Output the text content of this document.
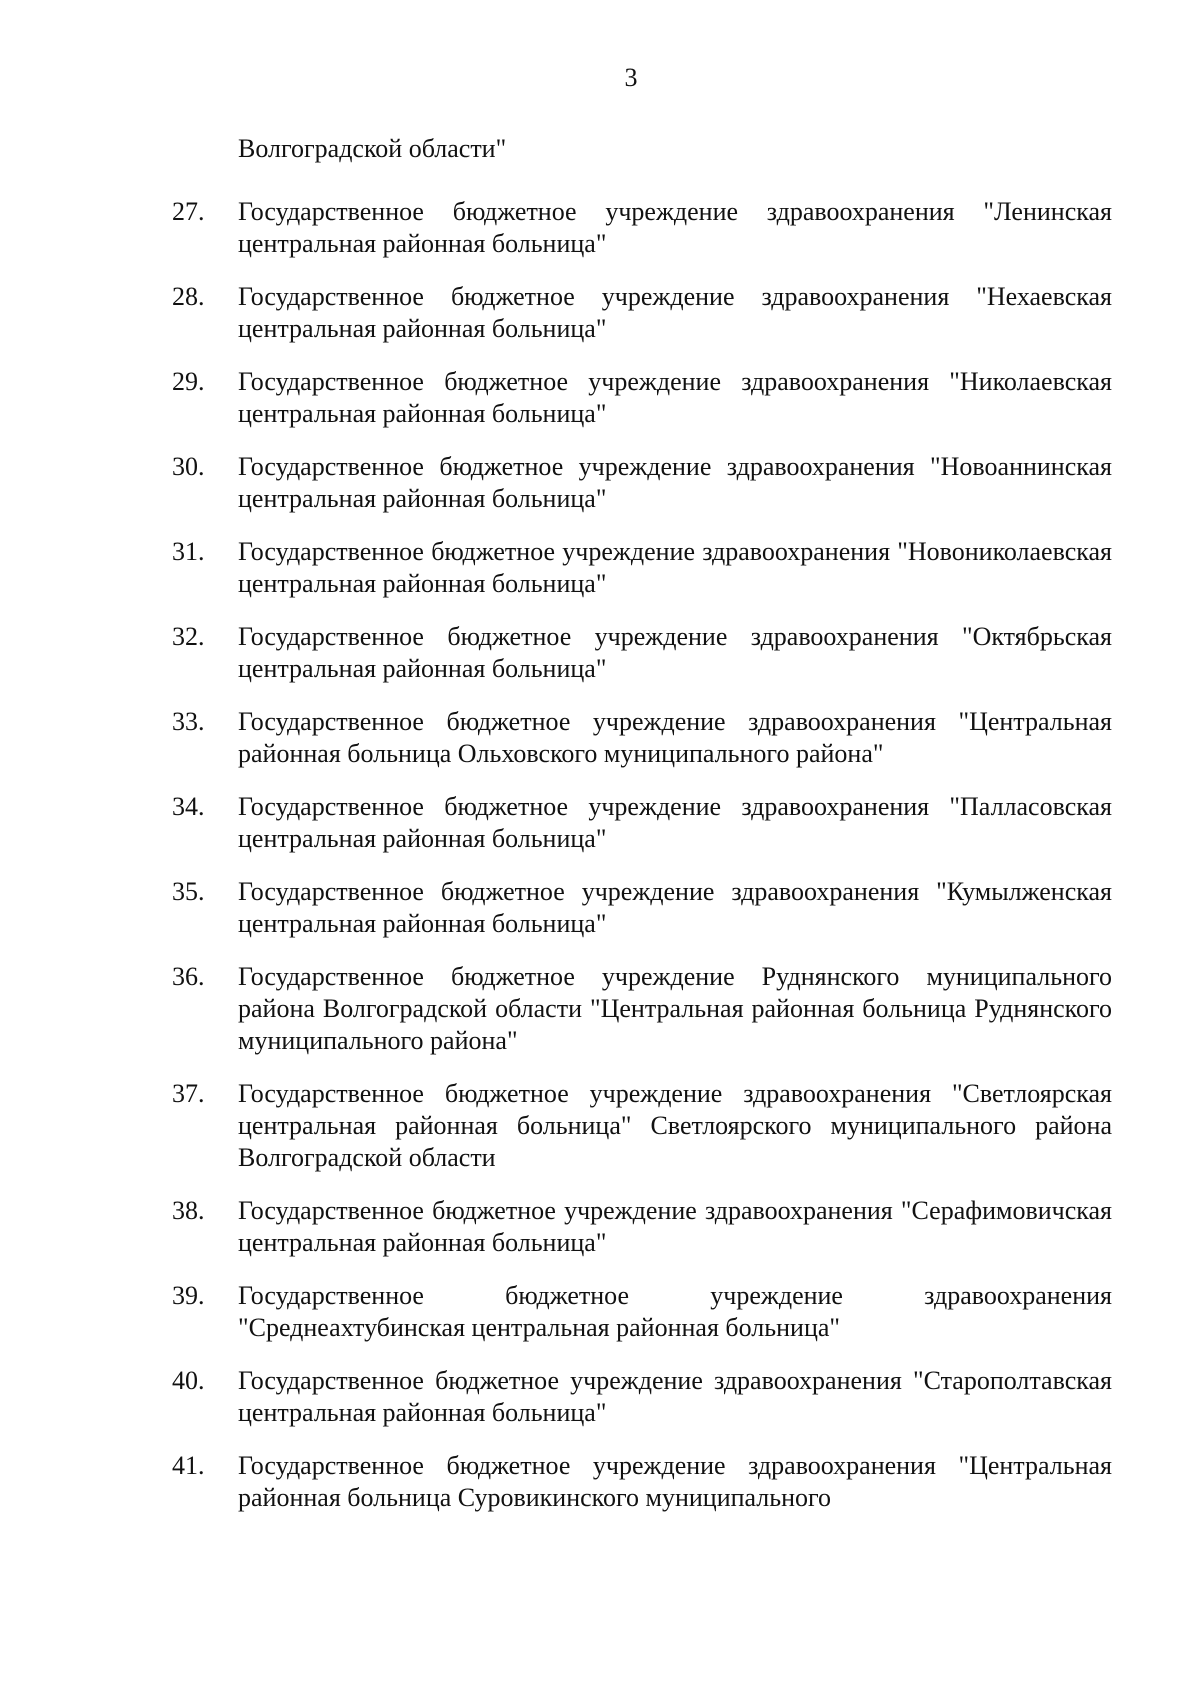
3
Волгоградской области"
27. Государственное бюджетное учреждение здравоохранения "Ленинская центральная районная больница"
28. Государственное бюджетное учреждение здравоохранения "Нехаевская центральная районная больница"
29. Государственное бюджетное учреждение здравоохранения "Николаевская центральная районная больница"
30. Государственное бюджетное учреждение здравоохранения "Новоаннинская центральная районная больница"
31. Государственное бюджетное учреждение здравоохранения "Новониколаевская центральная районная больница"
32. Государственное бюджетное учреждение здравоохранения "Октябрьская центральная районная больница"
33. Государственное бюджетное учреждение здравоохранения "Центральная районная больница Ольховского муниципального района"
34. Государственное бюджетное учреждение здравоохранения "Палласовская центральная районная больница"
35. Государственное бюджетное учреждение здравоохранения "Кумылженская центральная районная больница"
36. Государственное бюджетное учреждение Руднянского муниципального района Волгоградской области "Центральная районная больница Руднянского муниципального района"
37. Государственное бюджетное учреждение здравоохранения "Светлоярская центральная районная больница" Светлоярского муниципального района Волгоградской области
38. Государственное бюджетное учреждение здравоохранения "Серафимовичская центральная районная больница"
39. Государственное бюджетное учреждение здравоохранения "Среднеахтубинская центральная районная больница"
40. Государственное бюджетное учреждение здравоохранения "Старополтавская центральная районная больница"
41. Государственное бюджетное учреждение здравоохранения "Центральная районная больница Суровикинского муниципального
